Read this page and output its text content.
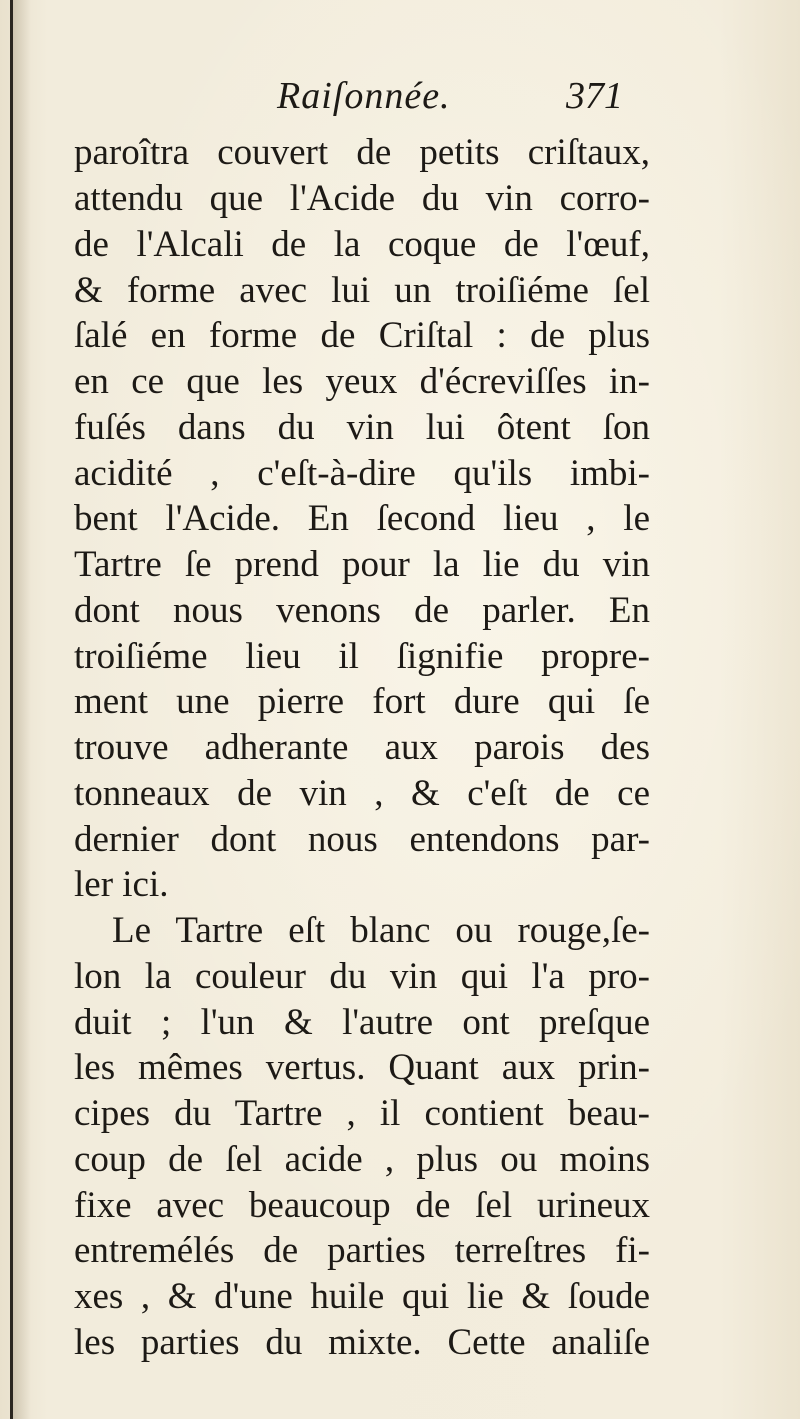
Raiſonnée.	371
paroîtra couvert de petits criſtaux,
attendu que l'Acide du vin corro-
de l'Alcali de la coque de l'œuf,
& forme avec lui un troiſiéme ſel
ſalé en forme de Criſtal : de plus
en ce que les yeux d'écreviſſes in-
fuſés dans du vin lui ôtent ſon
acidité , c'eſt-à-dire qu'ils imbi-
bent l'Acide. En ſecond lieu , le
Tartre ſe prend pour la lie du vin
dont nous venons de parler. En
troiſiéme lieu il ſignifie propre-
ment une pierre fort dure qui ſe
trouve adherante aux parois des
tonneaux de vin , & c'eſt de ce
dernier dont nous entendons par-
ler ici.
Le Tartre eſt blanc ou rouge,ſe-
lon la couleur du vin qui l'a pro-
duit ; l'un & l'autre ont preſque
les mêmes vertus. Quant aux prin-
cipes du Tartre , il contient beau-
coup de ſel acide , plus ou moins
fixe avec beaucoup de ſel urineux
entremélés de parties terreſtres fi-
xes , & d'une huile qui lie & ſoude
les parties du mixte. Cette analiſe
